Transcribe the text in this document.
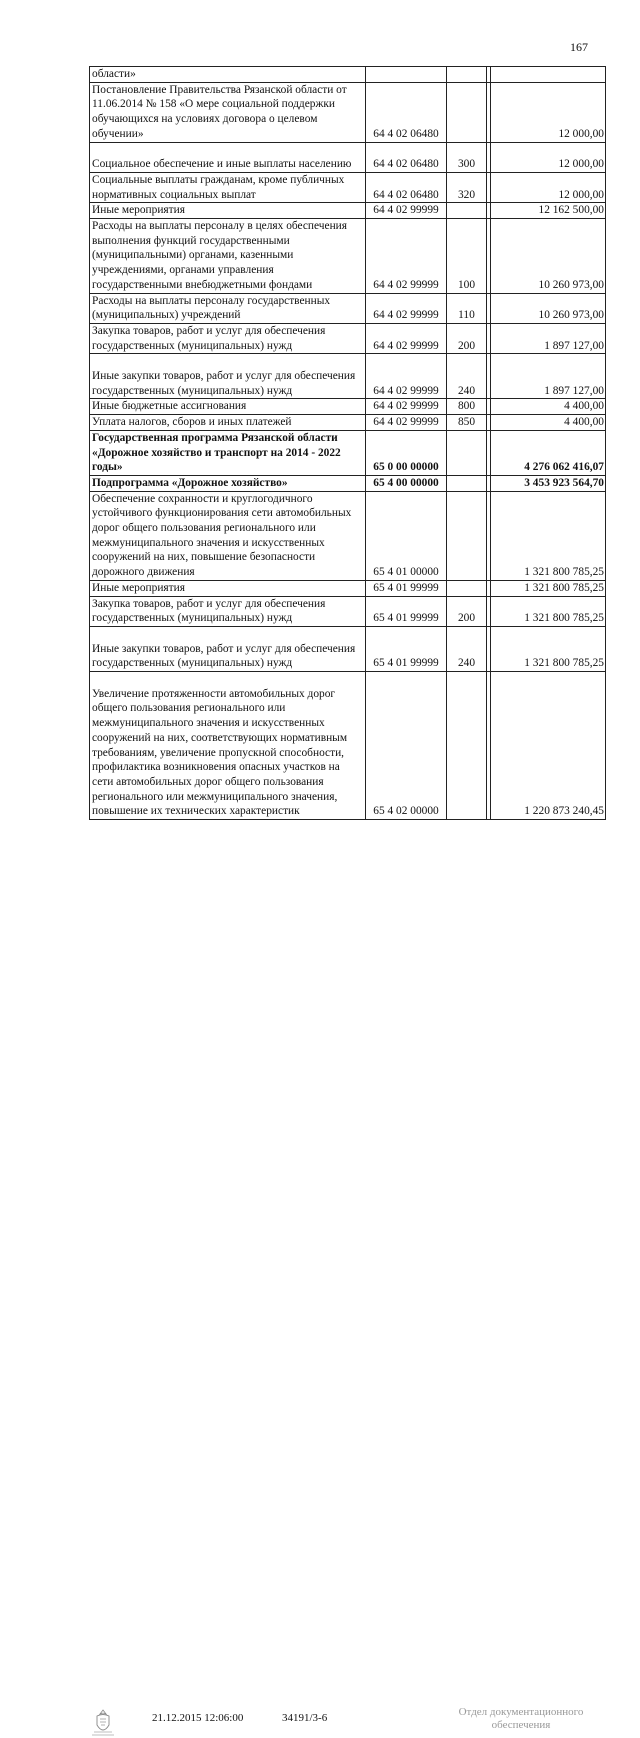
167
области»				
Постановление Правительства Рязанской области от 11.06.2014 № 158 «О мере социальной поддержки обучающихся на условиях договора о целевом обучении»	64 4 02 06480			12 000,00
Социальное обеспечение и иные выплаты населению	64 4 02 06480	300		12 000,00
Социальные выплаты гражданам, кроме публичных нормативных социальных выплат	64 4 02 06480	320		12 000,00
Иные мероприятия	64 4 02 99999			12 162 500,00
Расходы на выплаты персоналу в целях обеспечения выполнения функций государственными (муниципальными) органами, казенными учреждениями, органами управления государственными внебюджетными фондами	64 4 02 99999	100		10 260 973,00
Расходы на выплаты персоналу государственных (муниципальных) учреждений	64 4 02 99999	110		10 260 973,00
Закупка товаров, работ и услуг для обеспечения государственных (муниципальных) нужд	64 4 02 99999	200		1 897 127,00
Иные закупки товаров, работ и услуг для обеспечения государственных (муниципальных) нужд	64 4 02 99999	240		1 897 127,00
Иные бюджетные ассигнования	64 4 02 99999	800		4 400,00
Уплата налогов, сборов и иных платежей	64 4 02 99999	850		4 400,00
Государственная программа Рязанской области «Дорожное хозяйство и транспорт на 2014 - 2022 годы»	65 0 00 00000			4 276 062 416,07
Подпрограмма «Дорожное хозяйство»	65 4 00 00000			3 453 923 564,70
Обеспечение сохранности и круглогодичного устойчивого функционирования сети автомобильных дорог общего пользования регионального или межмуниципального значения и искусственных сооружений на них, повышение безопасности дорожного движения	65 4 01 00000			1 321 800 785,25
Иные мероприятия	65 4 01 99999			1 321 800 785,25
Закупка товаров, работ и услуг для обеспечения государственных (муниципальных) нужд	65 4 01 99999	200		1 321 800 785,25
Иные закупки товаров, работ и услуг для обеспечения государственных (муниципальных) нужд	65 4 01 99999	240		1 321 800 785,25
Увеличение протяженности автомобильных дорог общего пользования регионального или межмуниципального значения и искусственных сооружений на них, соответствующих нормативным требованиям, увеличение пропускной способности, профилактика возникновения опасных участков на сети автомобильных дорог общего пользования регионального или межмуниципального значения, повышение их технических характеристик	65 4 02 00000			1 220 873 240,45
21.12.2015 12:06:00	34191/3-6	Отдел документационного обеспечения
